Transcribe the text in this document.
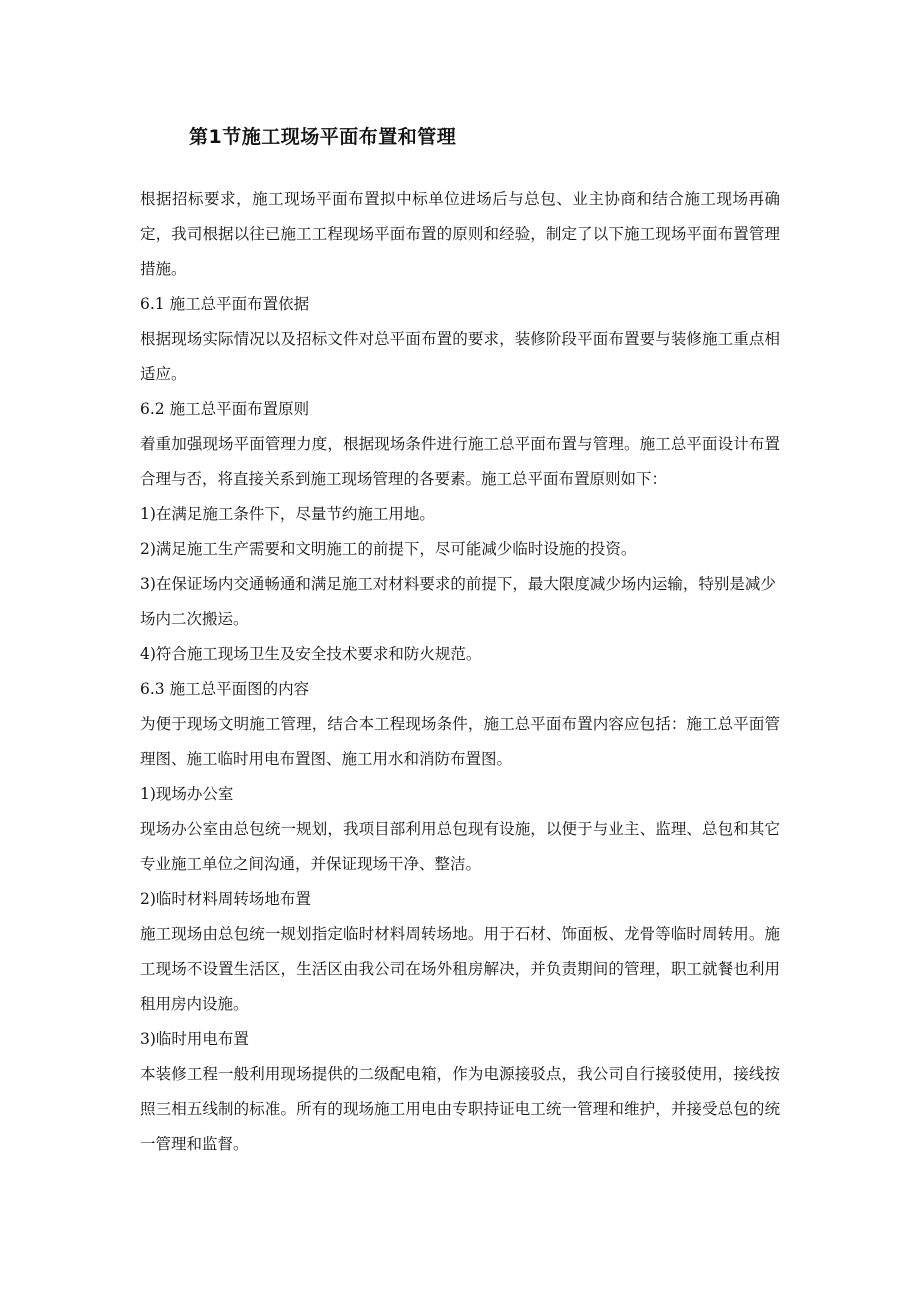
第1节施工现场平面布置和管理

根据招标要求，施工现场平面布置拟中标单位进场后与总包、业主协商和结合施工现场再确定，我司根据以往已施工工程现场平面布置的原则和经验，制定了以下施工现场平面布置管理措施。

6.1 施工总平面布置依据

根据现场实际情况以及招标文件对总平面布置的要求，装修阶段平面布置要与装修施工重点相适应。

6.2 施工总平面布置原则

着重加强现场平面管理力度，根据现场条件进行施工总平面布置与管理。施工总平面设计布置合理与否，将直接关系到施工现场管理的各要素。施工总平面布置原则如下：

1)在满足施工条件下，尽量节约施工用地。

2)满足施工生产需要和文明施工的前提下，尽可能减少临时设施的投资。

3)在保证场内交通畅通和满足施工对材料要求的前提下，最大限度减少场内运输，特别是减少场内二次搬运。

4)符合施工现场卫生及安全技术要求和防火规范。

6.3 施工总平面图的内容

为便于现场文明施工管理，结合本工程现场条件，施工总平面布置内容应包括：施工总平面管理图、施工临时用电布置图、施工用水和消防布置图。

1)现场办公室

现场办公室由总包统一规划，我项目部利用总包现有设施，以便于与业主、监理、总包和其它专业施工单位之间沟通，并保证现场干净、整洁。

2)临时材料周转场地布置

施工现场由总包统一规划指定临时材料周转场地。用于石材、饰面板、龙骨等临时周转用。施工现场不设置生活区，生活区由我公司在场外租房解决，并负责期间的管理，职工就餐也利用租用房内设施。

3)临时用电布置

本装修工程一般利用现场提供的二级配电箱，作为电源接驳点，我公司自行接驳使用，接线按照三相五线制的标准。所有的现场施工用电由专职持证电工统一管理和维护，并接受总包的统一管理和监督。
